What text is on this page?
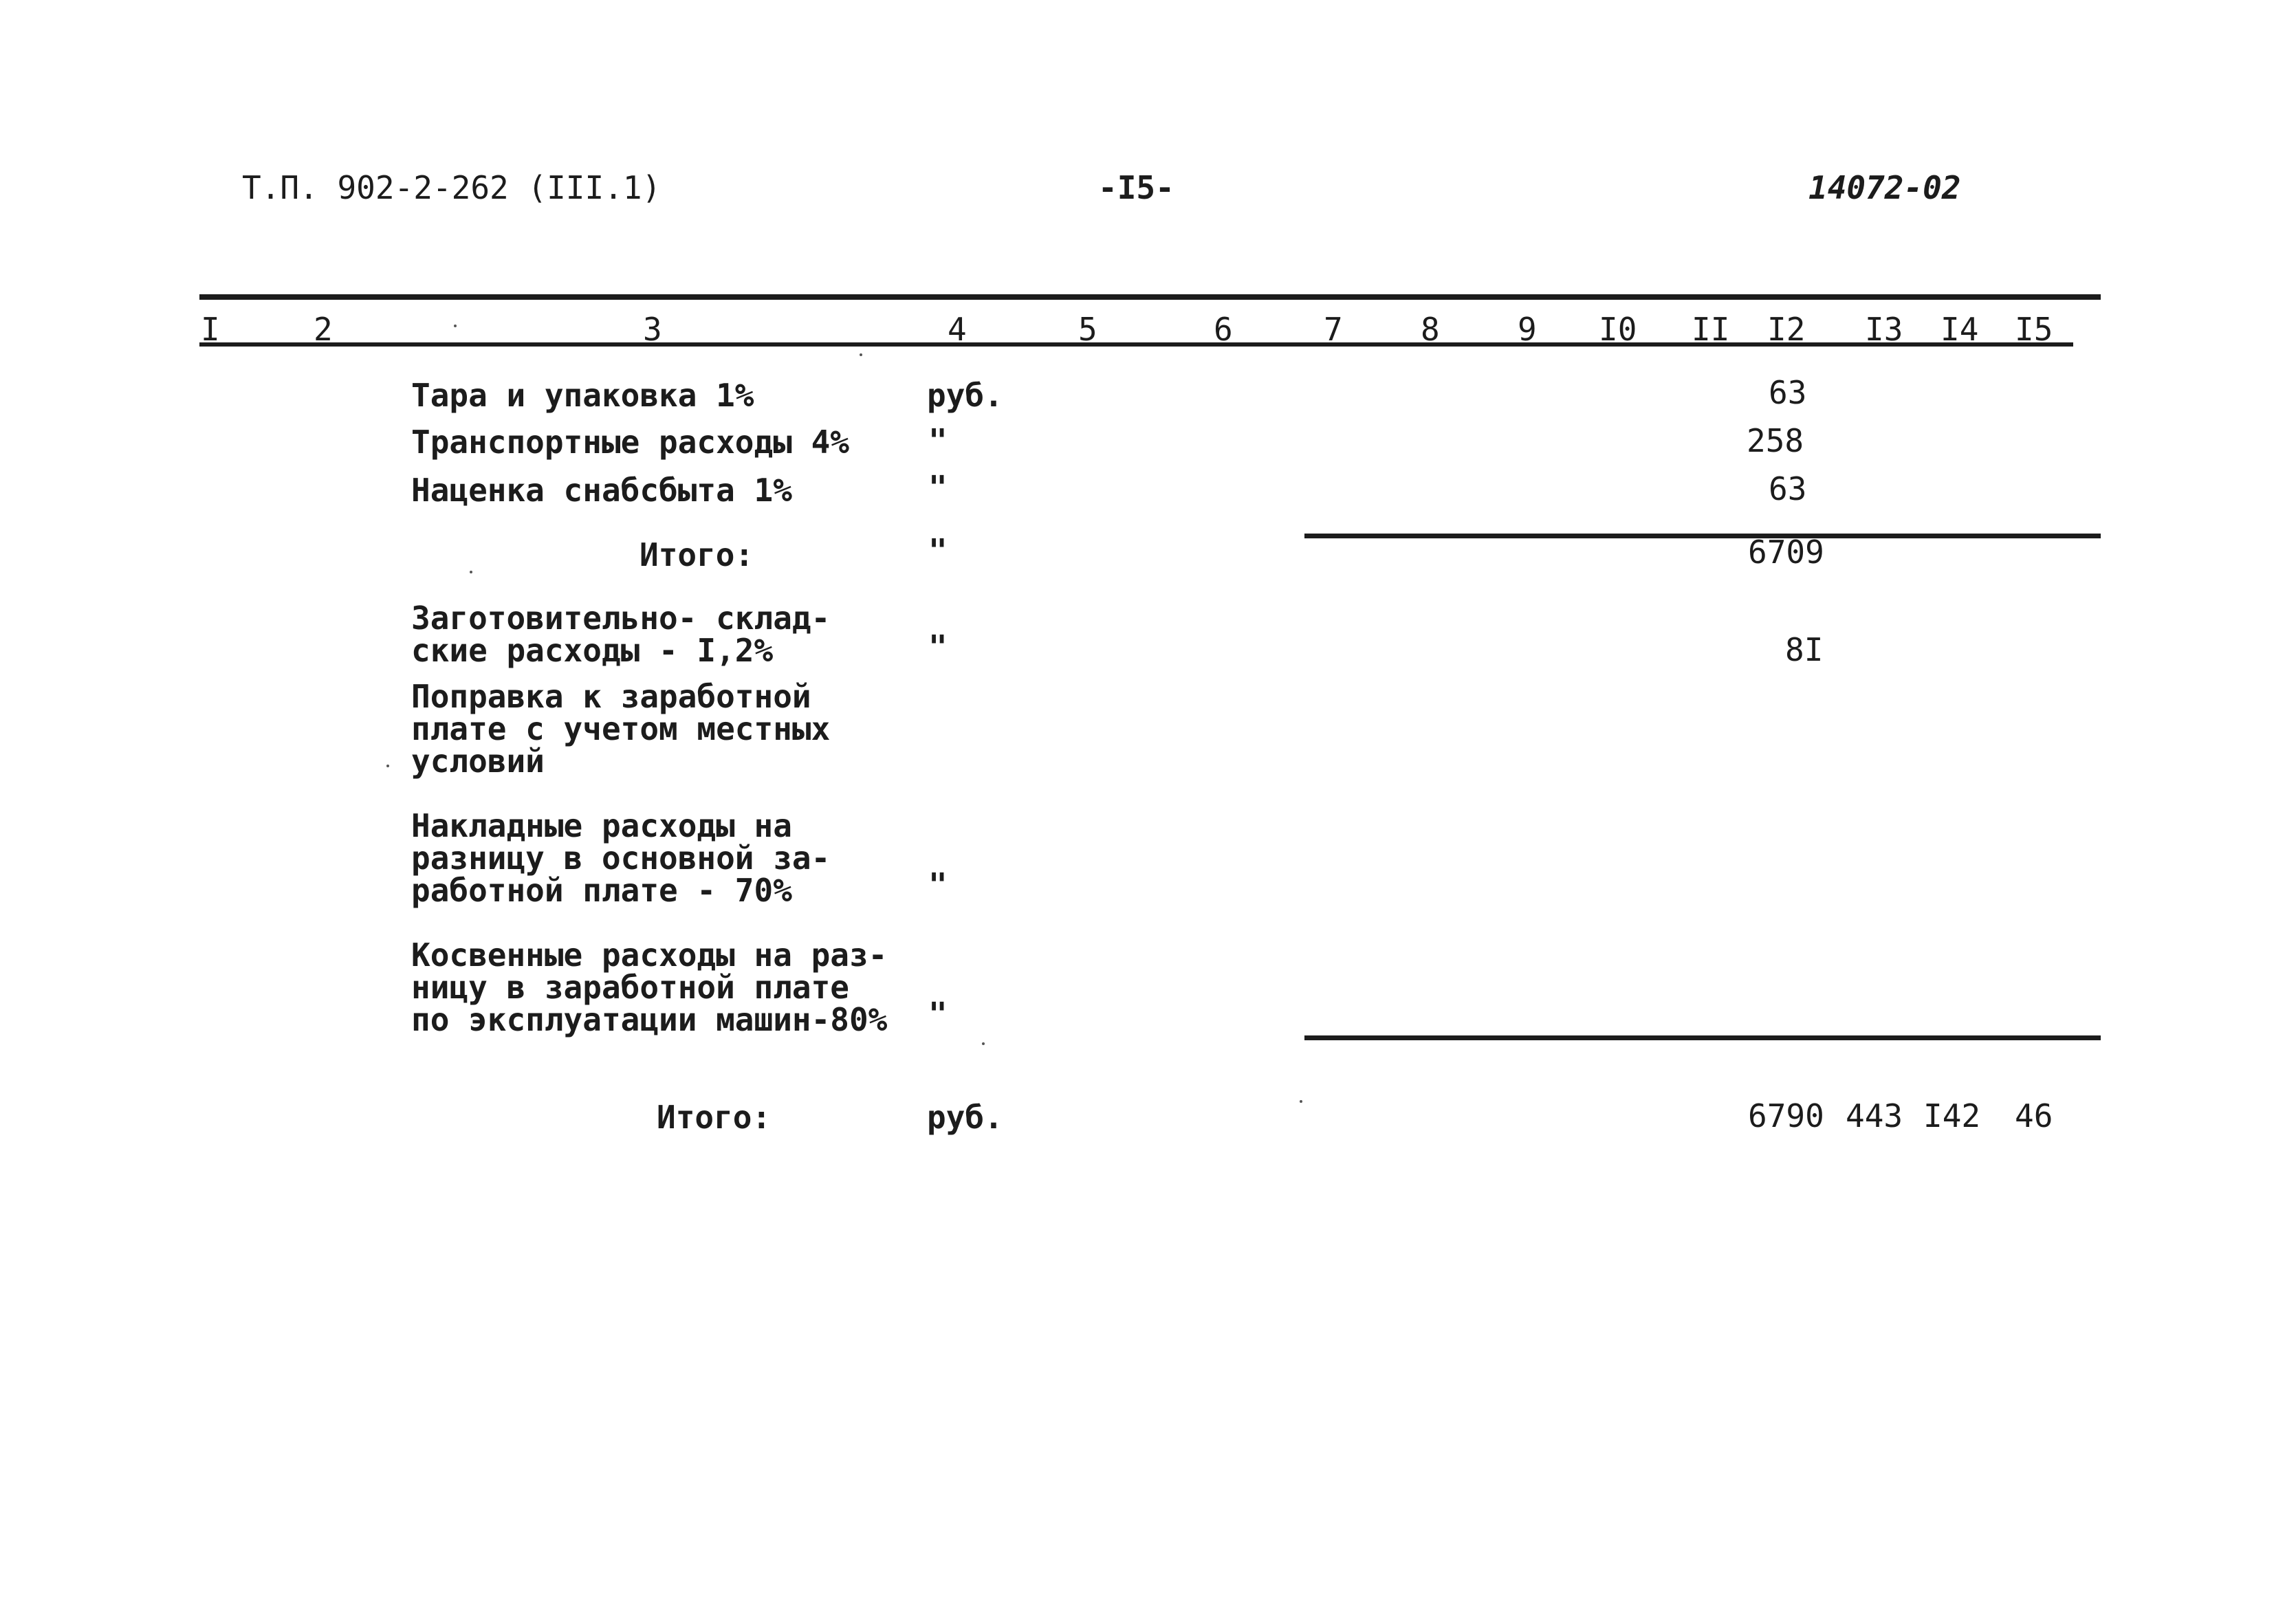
Т.П. 902-2-262 (III.1)	-I5-	14072-02
I	2	3	4	5	6	7 8 9 I0 II I2 I3 I4 I5
Тара и упаковка 1%	руб.	63
Транспортные расходы 4%	"	258
Наценка снабсбыта 1%	"	63
Итого:	"	6709
Заготовительно- склад-
ские расходы - I,2%	"	8I
Поправка к заработной
плате с учетом местных
условий
Накладные расходы на
разницу в основной за-
работной плате - 70%	"
Косвенные расходы на раз-
ницу в заработной плате
по эксплуатации машин-80% "
Итого:	руб.	6790 443 I42 46
